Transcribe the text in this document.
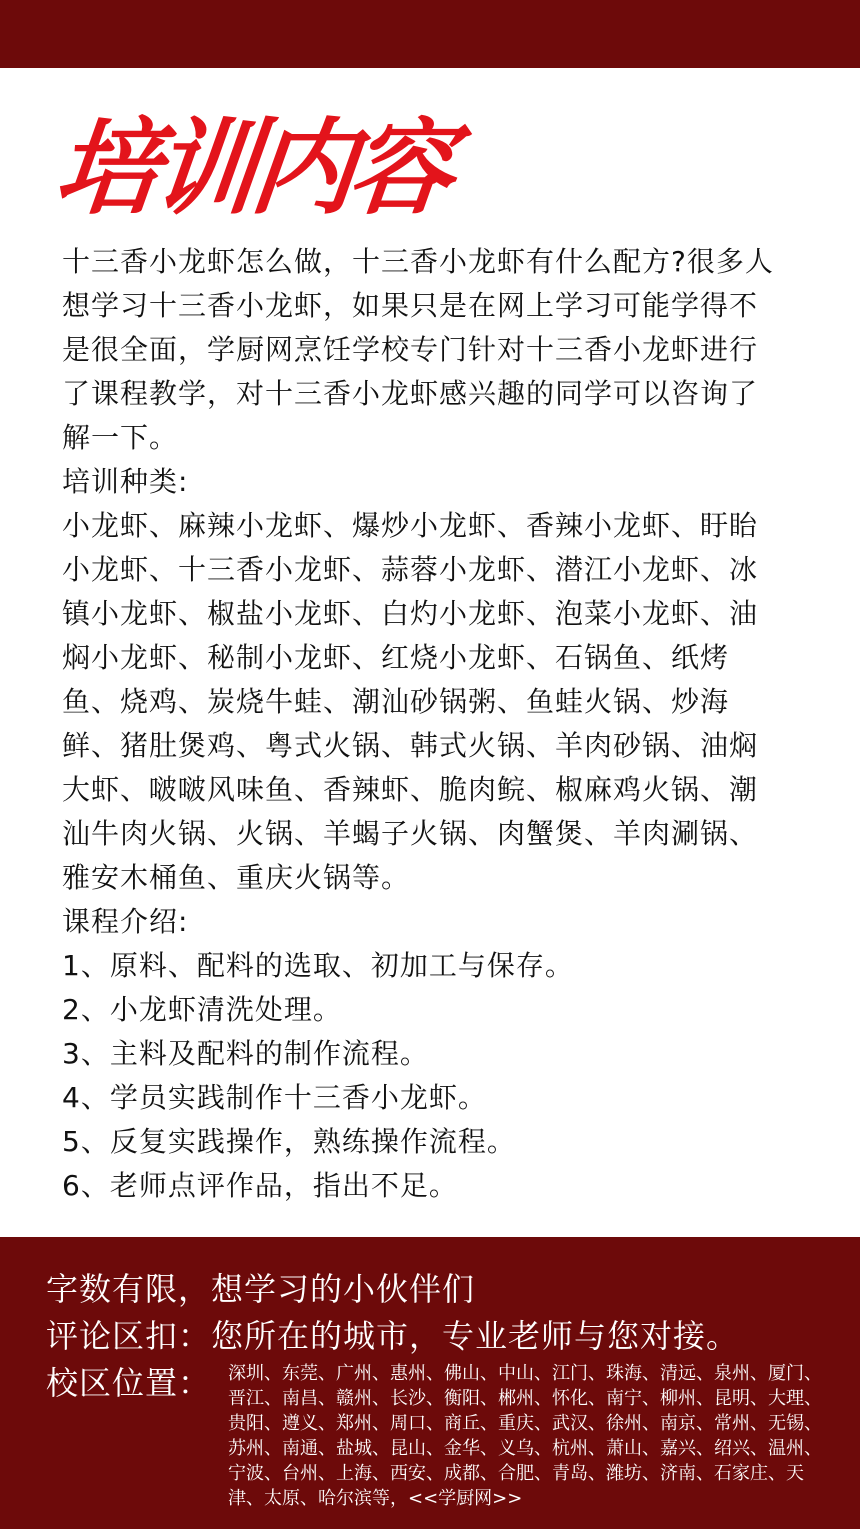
培训内容

十三香小龙虾怎么做，十三香小龙虾有什么配方?很多人想学习十三香小龙虾，如果只是在网上学习可能学得不是很全面，学厨网烹饪学校专门针对十三香小龙虾进行了课程教学，对十三香小龙虾感兴趣的同学可以咨询了解一下。

培训种类:

小龙虾、麻辣小龙虾、爆炒小龙虾、香辣小龙虾、盱眙小龙虾、十三香小龙虾、蒜蓉小龙虾、潜江小龙虾、冰镇小龙虾、椒盐小龙虾、白灼小龙虾、泡菜小龙虾、油焖小龙虾、秘制小龙虾、红烧小龙虾、石锅鱼、纸烤鱼、烧鸡、炭烧牛蛙、潮汕砂锅粥、鱼蛙火锅、炒海鲜、猪肚煲鸡、粤式火锅、韩式火锅、羊肉砂锅、油焖大虾、啵啵风味鱼、香辣虾、脆肉鲩、椒麻鸡火锅、潮汕牛肉火锅、火锅、羊蝎子火锅、肉蟹煲、羊肉涮锅、雅安木桶鱼、重庆火锅等。

课程介绍:

1、原料、配料的选取、初加工与保存。
2、小龙虾清洗处理。
3、主料及配料的制作流程。
4、学员实践制作十三香小龙虾。
5、反复实践操作，熟练操作流程。
6、老师点评作品，指出不足。
字数有限，想学习的小伙伴们
评论区扣：您所在的城市，专业老师与您对接。
校区位置： 深圳、东莞、广州、惠州、佛山、中山、江门、珠海、清远、泉州、厦门、晋江、南昌、赣州、长沙、衡阳、郴州、怀化、南宁、柳州、昆明、大理、贵阳、遵义、郑州、周口、商丘、重庆、武汉、徐州、南京、常州、无锡、苏州、南通、盐城、昆山、金华、义乌、杭州、萧山、嘉兴、绍兴、温州、宁波、台州、上海、西安、成都、合肥、青岛、潍坊、济南、石家庄、天津、太原、哈尔滨等，<<学厨网>>
